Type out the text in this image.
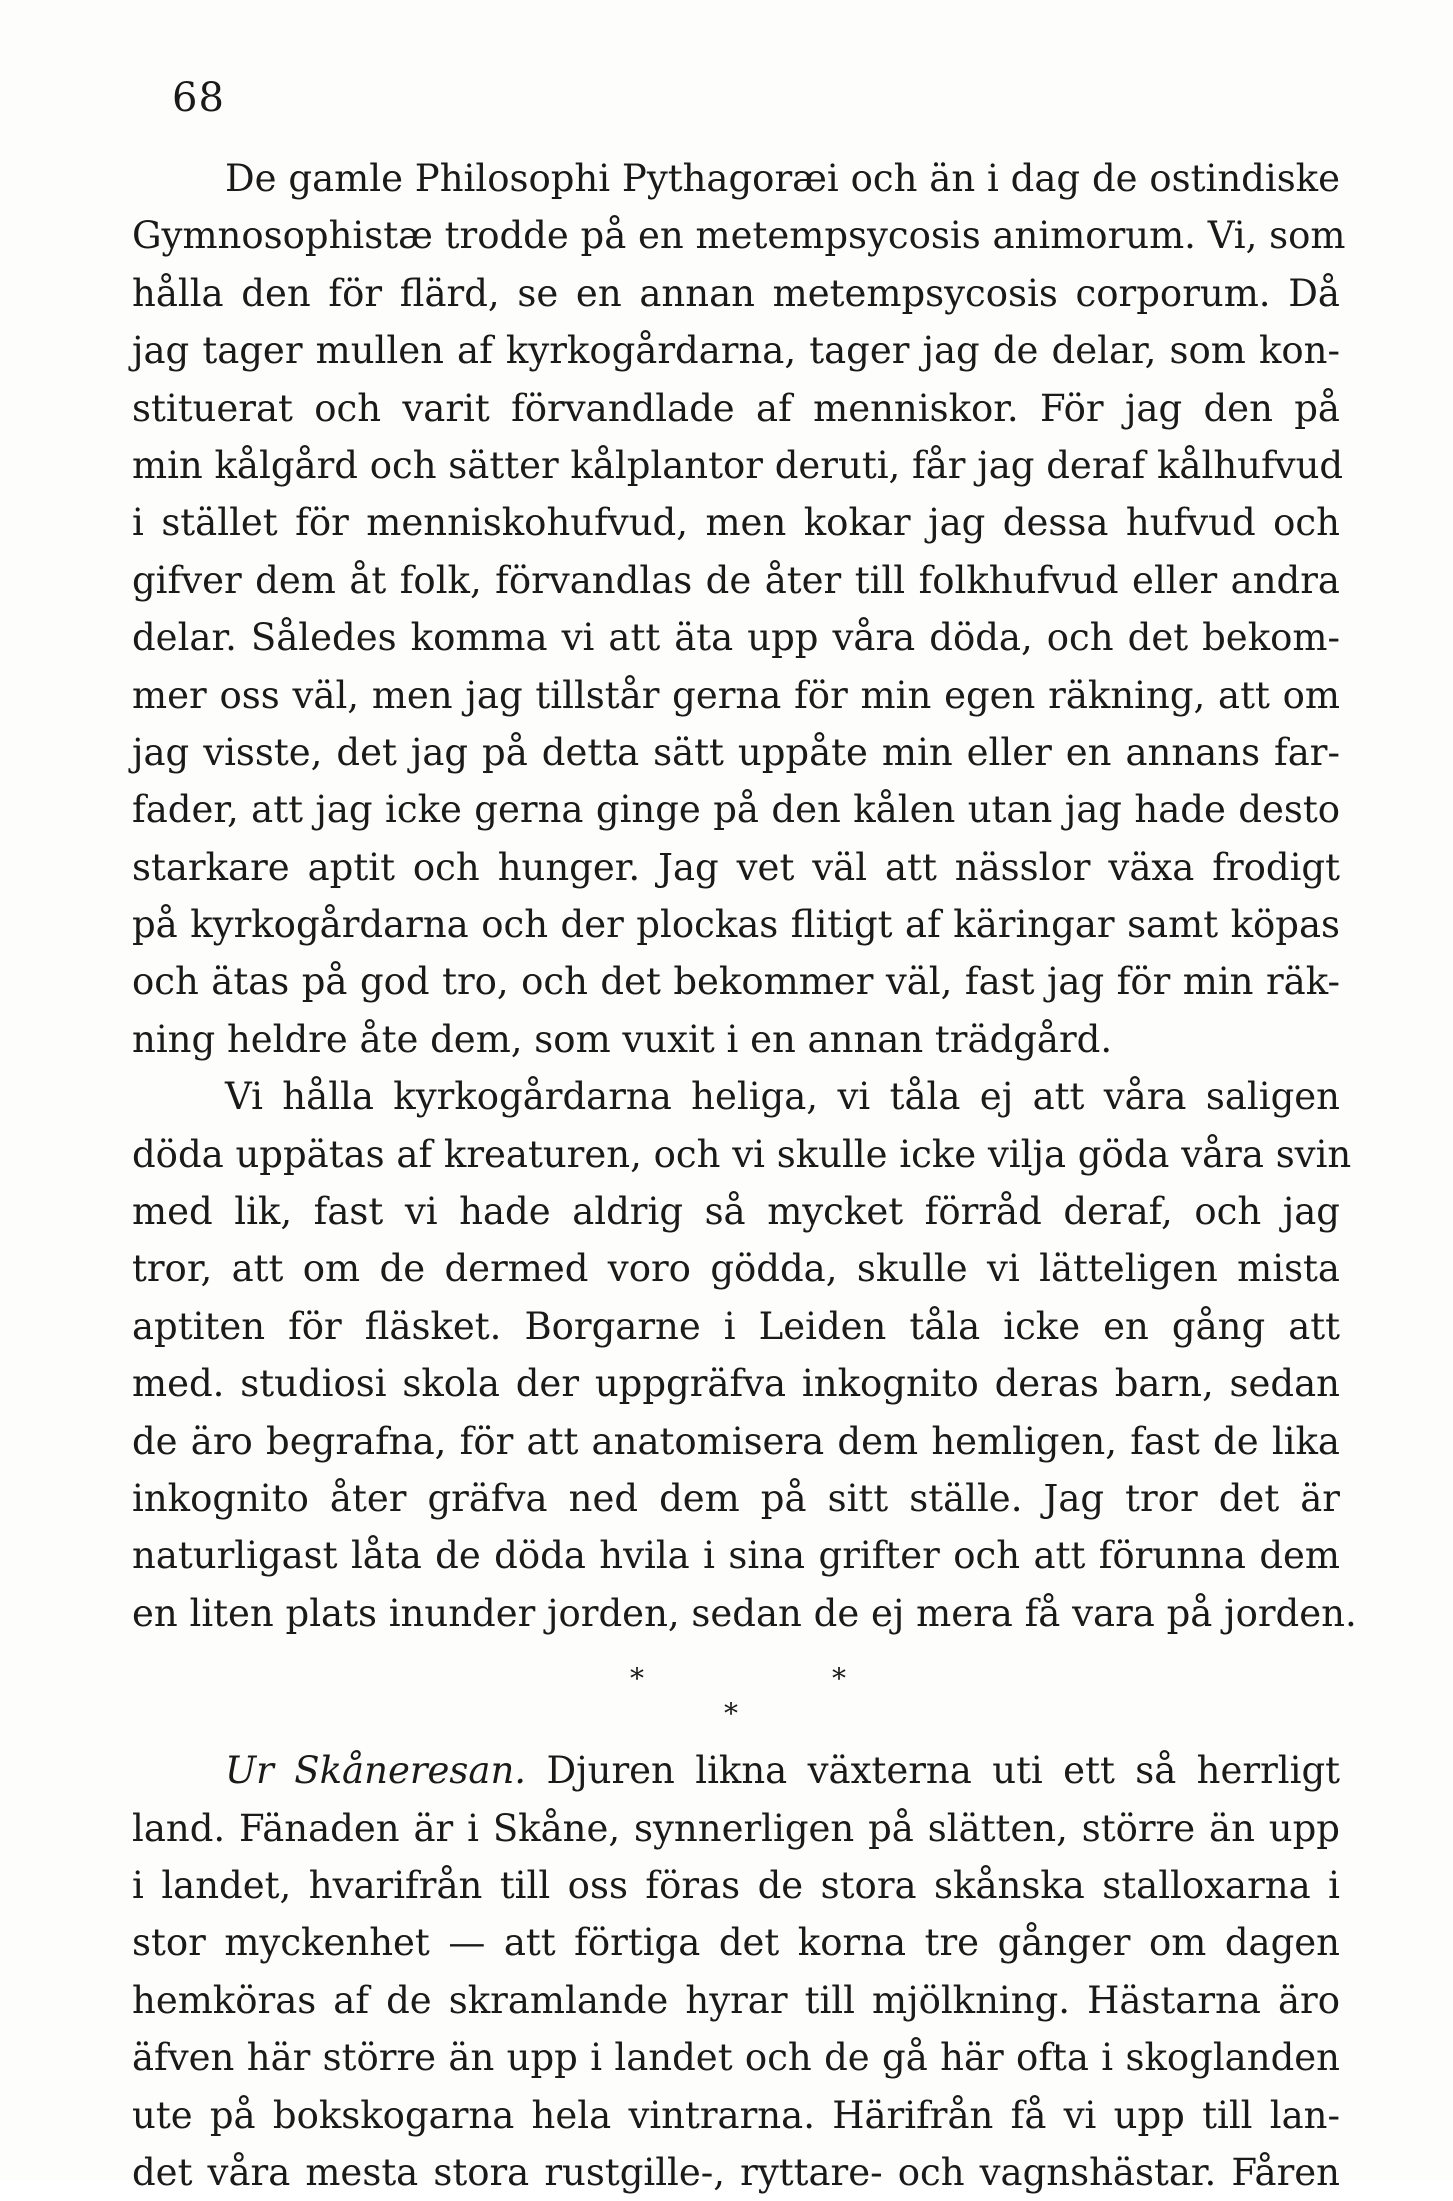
68
De gamle Philosophi Pythagoræi och än i dag de ostindiske
Gymnosophistæ trodde på en metempsycosis animorum. Vi, som
hålla den för flärd, se en annan metempsycosis corporum. Då
jag tager mullen af kyrkogårdarna, tager jag de delar, som kon-
stituerat och varit förvandlade af menniskor. För jag den på
min kålgård och sätter kålplantor deruti, får jag deraf kålhufvud
i stället för menniskohufvud, men kokar jag dessa hufvud och
gifver dem åt folk, förvandlas de åter till folkhufvud eller andra
delar. Således komma vi att äta upp våra döda, och det bekom-
mer oss väl, men jag tillstår gerna för min egen räkning, att om
jag visste, det jag på detta sätt uppåte min eller en annans far-
fader, att jag icke gerna ginge på den kålen utan jag hade desto
starkare aptit och hunger. Jag vet väl att nässlor växa frodigt
på kyrkogårdarna och der plockas flitigt af käringar samt köpas
och ätas på god tro, och det bekommer väl, fast jag för min räk-
ning heldre åte dem, som vuxit i en annan trädgård.
Vi hålla kyrkogårdarna heliga, vi tåla ej att våra saligen
döda uppätas af kreaturen, och vi skulle icke vilja göda våra svin
med lik, fast vi hade aldrig så mycket förråd deraf, och jag
tror, att om de dermed voro gödda, skulle vi lätteligen mista
aptiten för fläsket. Borgarne i Leiden tåla icke en gång att
med. studiosi skola der uppgräfva inkognito deras barn, sedan
de äro begrafna, för att anatomisera dem hemligen, fast de lika
inkognito åter gräfva ned dem på sitt ställe. Jag tror det är
naturligast låta de döda hvila i sina grifter och att förunna dem
en liten plats inunder jorden, sedan de ej mera få vara på jorden.
*
*
*
Ur Skåneresan. Djuren likna växterna uti ett så herrligt
land. Fänaden är i Skåne, synnerligen på slätten, större än upp
i landet, hvarifrån till oss föras de stora skånska stalloxarna i
stor myckenhet — att förtiga det korna tre gånger om dagen
hemköras af de skramlande hyrar till mjölkning. Hästarna äro
äfven här större än upp i landet och de gå här ofta i skoglanden
ute på bokskogarna hela vintrarna. Härifrån få vi upp till lan-
det våra mesta stora rustgille-, ryttare- och vagnshästar. Fåren
